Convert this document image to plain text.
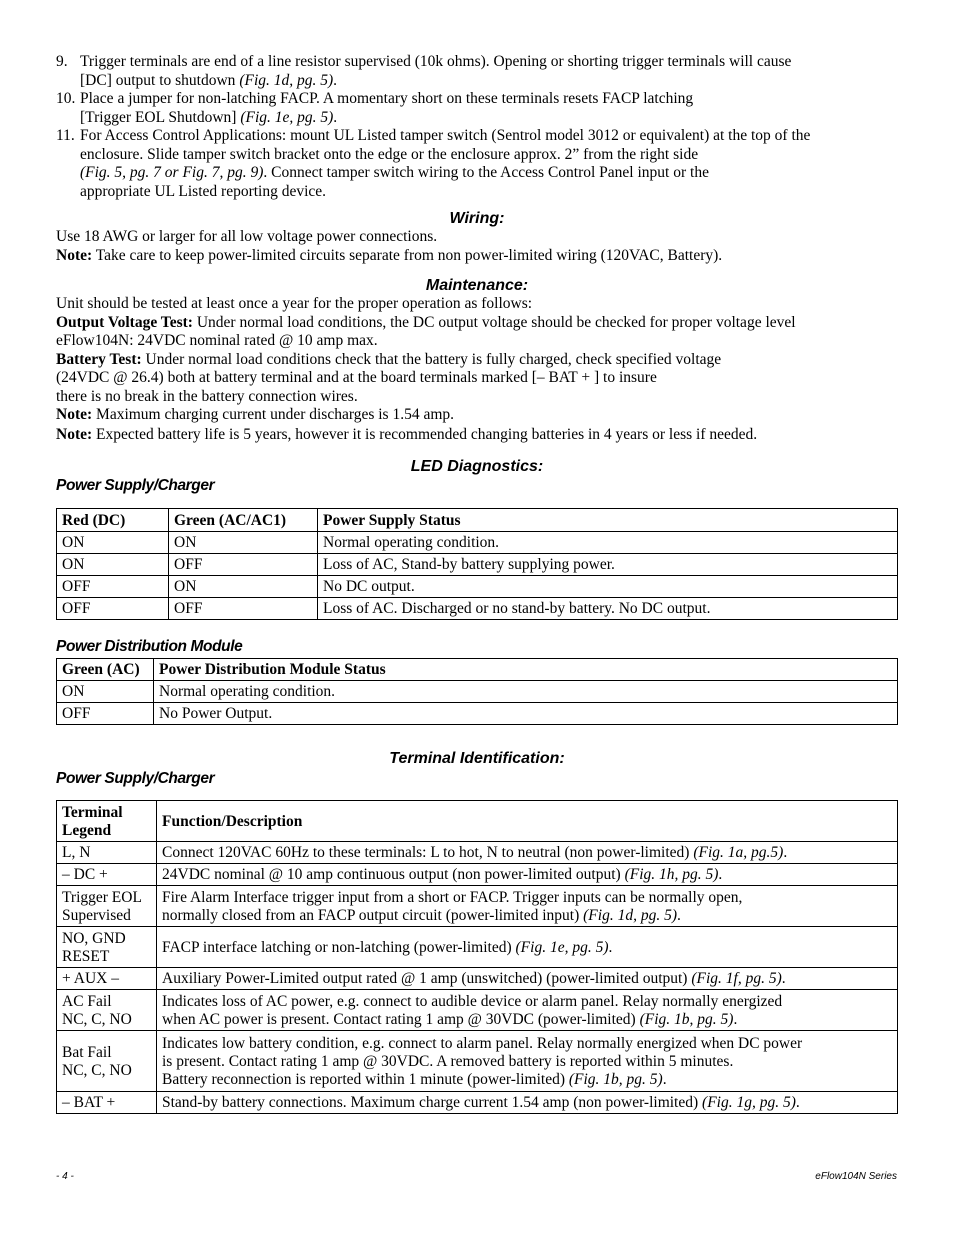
9. Trigger terminals are end of a line resistor supervised (10k ohms). Opening or shorting trigger terminals will cause
[DC] output to shutdown (Fig. 1d, pg. 5).
10. Place a jumper for non-latching FACP. A momentary short on these terminals resets FACP latching
[Trigger EOL Shutdown] (Fig. 1e, pg. 5).
11. For Access Control Applications: mount UL Listed tamper switch (Sentrol model 3012 or equivalent) at the top of the
enclosure. Slide tamper switch bracket onto the edge or the enclosure approx. 2” from the right side
(Fig. 5, pg. 7 or Fig. 7, pg. 9). Connect tamper switch wiring to the Access Control Panel input or the
appropriate UL Listed reporting device.
Wiring:
Use 18 AWG or larger for all low voltage power connections.
Note: Take care to keep power-limited circuits separate from non power-limited wiring (120VAC, Battery).
Maintenance:
Unit should be tested at least once a year for the proper operation as follows:
Output Voltage Test: Under normal load conditions, the DC output voltage should be checked for proper voltage level
eFlow104N: 24VDC nominal rated @ 10 amp max.
Battery Test: Under normal load conditions check that the battery is fully charged, check specified voltage
(24VDC @ 26.4) both at battery terminal and at the board terminals marked [– BAT + ] to insure
there is no break in the battery connection wires.
Note: Maximum charging current under discharges is 1.54 amp.
Note: Expected battery life is 5 years, however it is recommended changing batteries in 4 years or less if needed.
LED Diagnostics:
Power Supply/Charger
Red (DC)	Green (AC/AC1)	Power Supply Status
ON	ON	Normal operating condition.
ON	OFF	Loss of AC, Stand-by battery supplying power.
OFF	ON	No DC output.
OFF	OFF	Loss of AC. Discharged or no stand-by battery. No DC output.
Power Distribution Module
Green (AC)	Power Distribution Module Status
ON	Normal operating condition.
OFF	No Power Output.
Terminal Identification:
Power Supply/Charger
Terminal
Legend	Function/Description
L, N	Connect 120VAC 60Hz to these terminals: L to hot, N to neutral (non power-limited) (Fig. 1a, pg.5).
– DC +	24VDC nominal @ 10 amp continuous output (non power-limited output) (Fig. 1h, pg. 5).
Trigger EOL
Supervised	Fire Alarm Interface trigger input from a short or FACP. Trigger inputs can be normally open,
normally closed from an FACP output circuit (power-limited input) (Fig. 1d, pg. 5).
NO, GND
RESET	FACP interface latching or non-latching (power-limited) (Fig. 1e, pg. 5).
+ AUX –	Auxiliary Power-Limited output rated @ 1 amp (unswitched) (power-limited output) (Fig. 1f, pg. 5).
AC Fail
NC, C, NO	Indicates loss of AC power, e.g. connect to audible device or alarm panel. Relay normally energized
when AC power is present. Contact rating 1 amp @ 30VDC (power-limited) (Fig. 1b, pg. 5).
Bat Fail
NC, C, NO	Indicates low battery condition, e.g. connect to alarm panel. Relay normally energized when DC power
is present. Contact rating 1 amp @ 30VDC. A removed battery is reported within 5 minutes.
Battery reconnection is reported within 1 minute (power-limited) (Fig. 1b, pg. 5).
– BAT +	Stand-by battery connections. Maximum charge current 1.54 amp (non power-limited) (Fig. 1g, pg. 5).
- 4 -	eFlow104N Series
